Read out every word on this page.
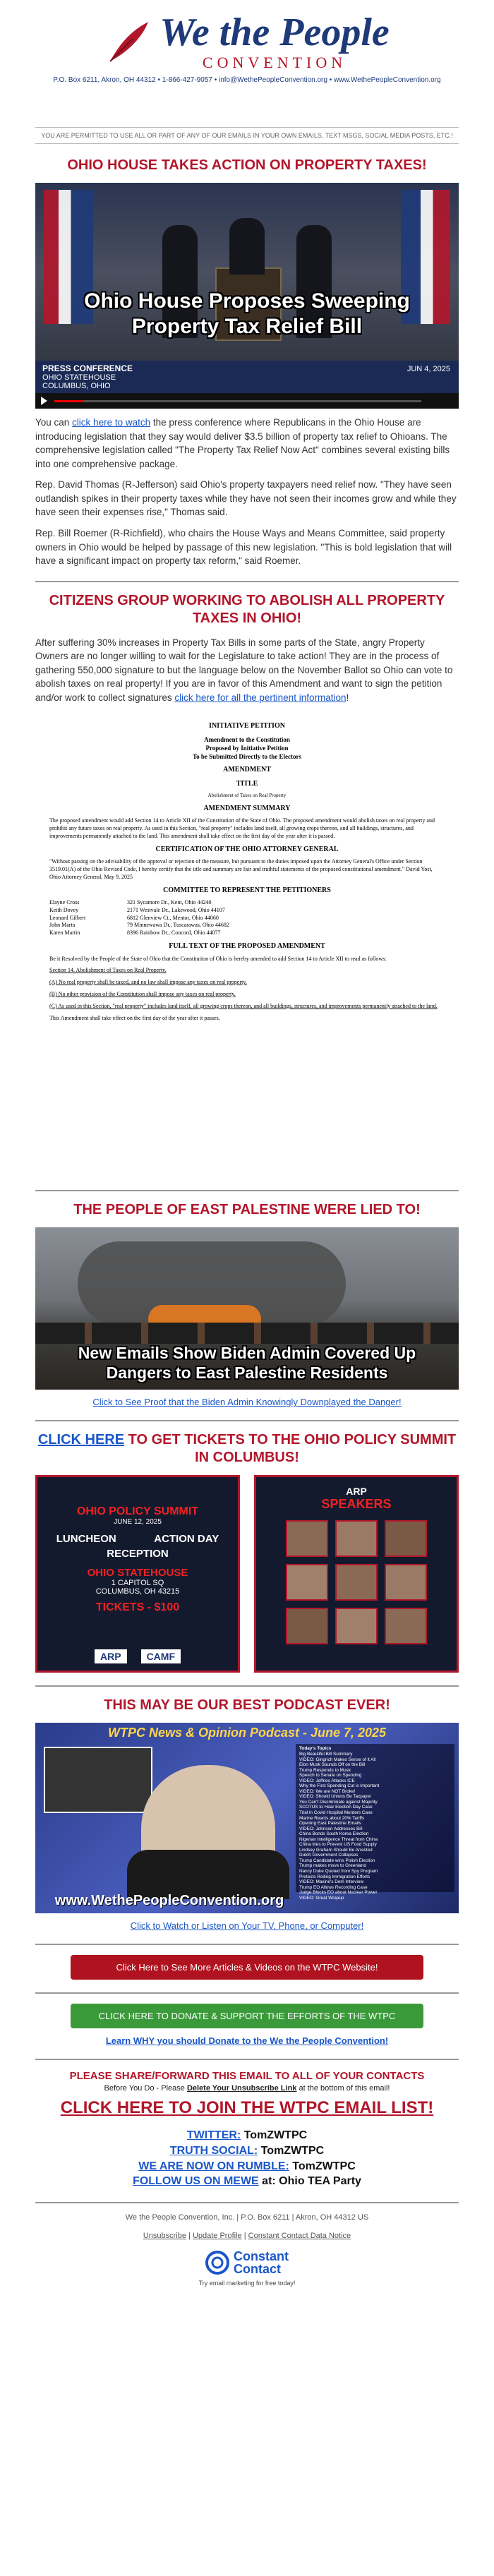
We the People
CONVENTION
P.O. Box 6211, Akron, OH 44312 • 1-866-427-9057 • info@WethePeopleConvention.org • www.WethePeopleConvention.org
YOU ARE PERMITTED TO USE ALL OR PART OF ANY OF OUR EMAILS IN YOUR OWN EMAILS, TEXT MSGS, SOCIAL MEDIA POSTS, ETC.!
OHIO HOUSE TAKES ACTION ON PROPERTY TAXES!
Ohio House Proposes Sweeping
Property Tax Relief Bill
PRESS CONFERENCE
OHIO STATEHOUSE
COLUMBUS, OHIO
JUN 4, 2025

You can click here to watch the press conference where Republicans in the Ohio House are introducing legislation that they say would deliver $3.5 billion of property tax relief to Ohioans. The comprehensive legislation called "The Property Tax Relief Now Act" combines several existing bills into one comprehensive package.

Rep. David Thomas (R-Jefferson) said Ohio's property taxpayers need relief now. "They have seen outlandish spikes in their property taxes while they have not seen their incomes grow and while they have seen their expenses rise," Thomas said.

Rep. Bill Roemer (R-Richfield), who chairs the House Ways and Means Committee, said property owners in Ohio would be helped by passage of this new legislation. "This is bold legislation that will have a significant impact on property tax reform," said Roemer.

CITIZENS GROUP WORKING TO ABOLISH ALL PROPERTY TAXES IN OHIO!

After suffering 30% increases in Property Tax Bills in some parts of the State, angry Property Owners are no longer willing to wait for the Legislature to take action! They are in the process of gathering 550,000 signature to but the language below on the November Ballot so Ohio can vote to abolish taxes on real property! If you are in favor of this Amendment and want to sign the petition and/or work to collect signatures click here for all the pertinent information!

INITIATIVE PETITION
Amendment to the Constitution
Proposed by Initiative Petition
To be Submitted Directly to the Electors
AMENDMENT
TITLE
Abolishment of Taxes on Real Property
AMENDMENT SUMMARY
The proposed amendment would add Section 14 to Article XII of the Constitution of the State of Ohio. The proposed amendment would abolish taxes on real property and prohibit any future taxes on real property. As used in this Section, "real property" includes land itself, all growing crops thereon, and all buildings, structures, and improvements permanently attached to the land. This amendment shall take effect on the first day of the year after it is passed.
CERTIFICATION OF THE OHIO ATTORNEY GENERAL
"Without passing on the advisability of the approval or rejection of the measure, but pursuant to the duties imposed upon the Attorney General's Office under Section 3519.01(A) of the Ohio Revised Code, I hereby certify that the title and summary are fair and truthful statements of the proposed constitutional amendment." David Yost, Ohio Attorney General, May 9, 2025
COMMITTEE TO REPRESENT THE PETITIONERS
Elayne Cross	321 Sycamore Dr., Kent, Ohio 44240
Keith Dovey	2171 Westvale Dr., Lakewood, Ohio 44107
Leonard Gilbert	6812 Glenview Ct., Mentor, Ohio 44060
John Marta	79 Minnewawa Dr., Tuscarawas, Ohio 44682
Karen Martin	8396 Rainbow Dr., Concord, Ohio 44077
FULL TEXT OF THE PROPOSED AMENDMENT
Be it Resolved by the People of the State of Ohio that the Constitution of Ohio is hereby amended to add Section 14 to Article XII to read as follows:
Section 14. Abolishment of Taxes on Real Property.
(A) No real property shall be taxed, and no law shall impose any taxes on real property.
(B) No other provision of the Constitution shall impose any taxes on real property.
(C) As used in this Section, "real property" includes land itself, all growing crops thereon, and all buildings, structures, and improvements permanently attached to the land.
This Amendment shall take effect on the first day of the year after it passes.
THE PEOPLE OF EAST PALESTINE WERE LIED TO!
New Emails Show Biden Admin Covered Up
Dangers to East Palestine Residents
Click to See Proof that the Biden Admin Knowingly Downplayed the Danger!
CLICK HERE TO GET TICKETS TO THE OHIO POLICY SUMMIT IN COLUMBUS!
OHIO POLICY SUMMIT
JUNE 12, 2025
LUNCHEON	ACTION DAY
RECEPTION
OHIO STATEHOUSE
1 CAPITOL SQ
COLUMBUS, OH 43215
TICKETS - $100
ARP	CAMF
ARP
SPEAKERS
THIS MAY BE OUR BEST PODCAST EVER!
WTPC News & Opinion Podcast - June 7, 2025
Today's Topics
Big Beautiful Bill Summary
VIDEO: Gingrich Makes Sense of it All
Elon Musk Sounds Off on the Bill
Trump Responds to Musk
Speech to Senate on Spending
VIDEO: Jeffries Attacks ICE
Why the First Spending Cut is Important
VIDEO: We are NOT Broke!
VIDEO: Should Unions Be Taxpayer
You Can't Discriminate against Majority
SCOTUS to Hear Election Day Case
Trial in Covid Hospital Murders Case
Marine Reacts about 20% Tariffs
Opening East Palestine Emails
VIDEO: Johnson Addresses Bill
China Bonds South Korea Election
Nigerian Intelligence Threat from China
China tries to Prevent US Food Supply
Lindsey Graham Should Be Arrested
Dutch Government Collapses
Trump Candidate wins Polish Election
Trump makes move to Greenland
Nancy Duke Quoted from Spy Program
Protests Roiling Immigration Efforts
VIDEO: Maxine's Dem Interview
Trump EO Allows Recording Case
Judge Blocks EO about Nuclear Power
VIDEO: Great Wrapup
www.WethePeopleConvention.org
Click to Watch or Listen on Your TV, Phone, or Computer!
Click Here to See More Articles & Videos on the WTPC Website!
CLICK HERE TO DONATE & SUPPORT THE EFFORTS OF THE WTPC
Learn WHY you should Donate to the We the People Convention!
PLEASE SHARE/FORWARD THIS EMAIL TO ALL OF YOUR CONTACTS
Before You Do - Please Delete Your Unsubscribe Link at the bottom of this email!
CLICK HERE TO JOIN THE WTPC EMAIL LIST!
TWITTER: TomZWTPC
TRUTH SOCIAL: TomZWTPC
WE ARE NOW ON RUMBLE: TomZWTPC
FOLLOW US ON MEWE at: Ohio TEA Party
We the People Convention, Inc. | P.O. Box 6211 | Akron, OH 44312 US
Unsubscribe | Update Profile | Constant Contact Data Notice
Constant
Contact
Try email marketing for free today!
